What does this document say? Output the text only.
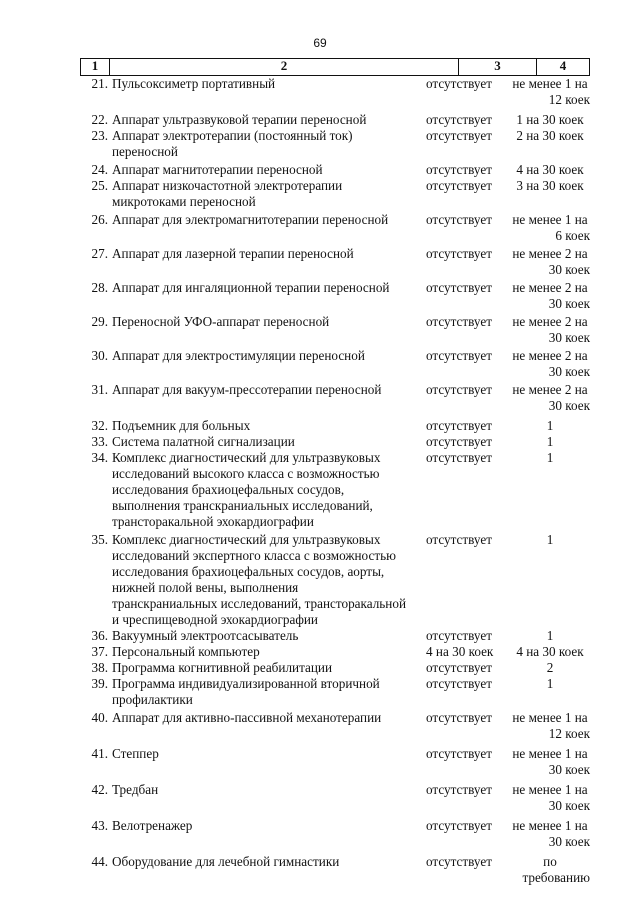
69
1	2	3	4
21. Пульсоксиметр портативный	отсутствует	не менее 1 на
12 коек
22. Аппарат ультразвуковой терапии переносной	отсутствует	1 на 30 коек
23. Аппарат электротерапии (постоянный ток)
переносной
отсутствует	2 на 30 коек
24. Аппарат магнитотерапии переносной	отсутствует	4 на 30 коек
25. Аппарат низкочастотной электротерапии
микротоками переносной
отсутствует	3 на 30 коек
26. Аппарат для электромагнитотерапии переносной	отсутствует	не менее 1 на
6 коек
27. Аппарат для лазерной терапии переносной	отсутствует	не менее 2 на
30 коек
28. Аппарат для ингаляционной терапии переносной	отсутствует	не менее 2 на
30 коек
29. Переносной УФО-аппарат переносной	отсутствует	не менее 2 на
30 коек
30. Аппарат для электростимуляции переносной	отсутствует	не менее 2 на
30 коек
31. Аппарат для вакуум-прессотерапии переносной	отсутствует	не менее 2 на
30 коек
32. Подъемник для больных	отсутствует	1
33. Система палатной сигнализации	отсутствует	1
34. Комплекс диагностический для ультразвуковых
исследований высокого класса с возможностью
исследования брахиоцефальных сосудов,
выполнения транскраниальных исследований,
трансторакальной эхокардиографии
отсутствует	1
35. Комплекс диагностический для ультразвуковых
исследований экспертного класса с возможностью
исследования брахиоцефальных сосудов, аорты,
нижней полой вены, выполнения
транскраниальных исследований, трансторакальной
и чреспищеводной эхокардиографии
отсутствует	1
36. Вакуумный электроотсасыватель	отсутствует	1
37. Персональный компьютер	4 на 30 коек	4 на 30 коек
38. Программа когнитивной реабилитации	отсутствует	2
39. Программа индивидуализированной вторичной
профилактики
отсутствует	1
40. Аппарат для активно-пассивной механотерапии	отсутствует	не менее 1 на
12 коек
41. Степпер	отсутствует	не менее 1 на
30 коек
42. Тредбан	отсутствует	не менее 1 на
30 коек
43. Велотренажер	отсутствует	не менее 1 на
30 коек
44. Оборудование для лечебной гимнастики	отсутствует	по
требованию
